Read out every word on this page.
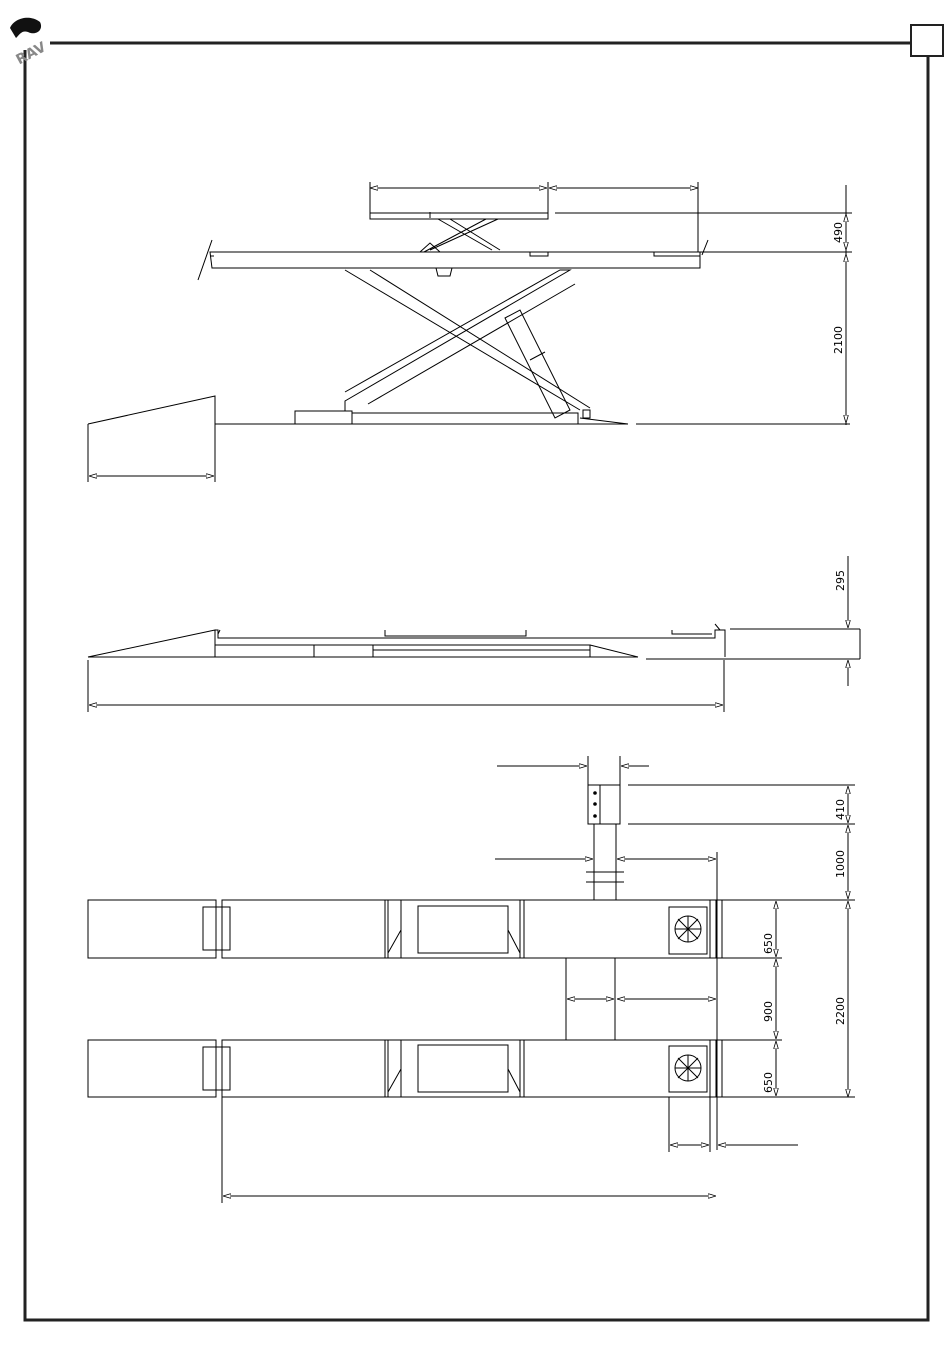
RAV
490
2100
295
410
1000
2200
650
900
650
